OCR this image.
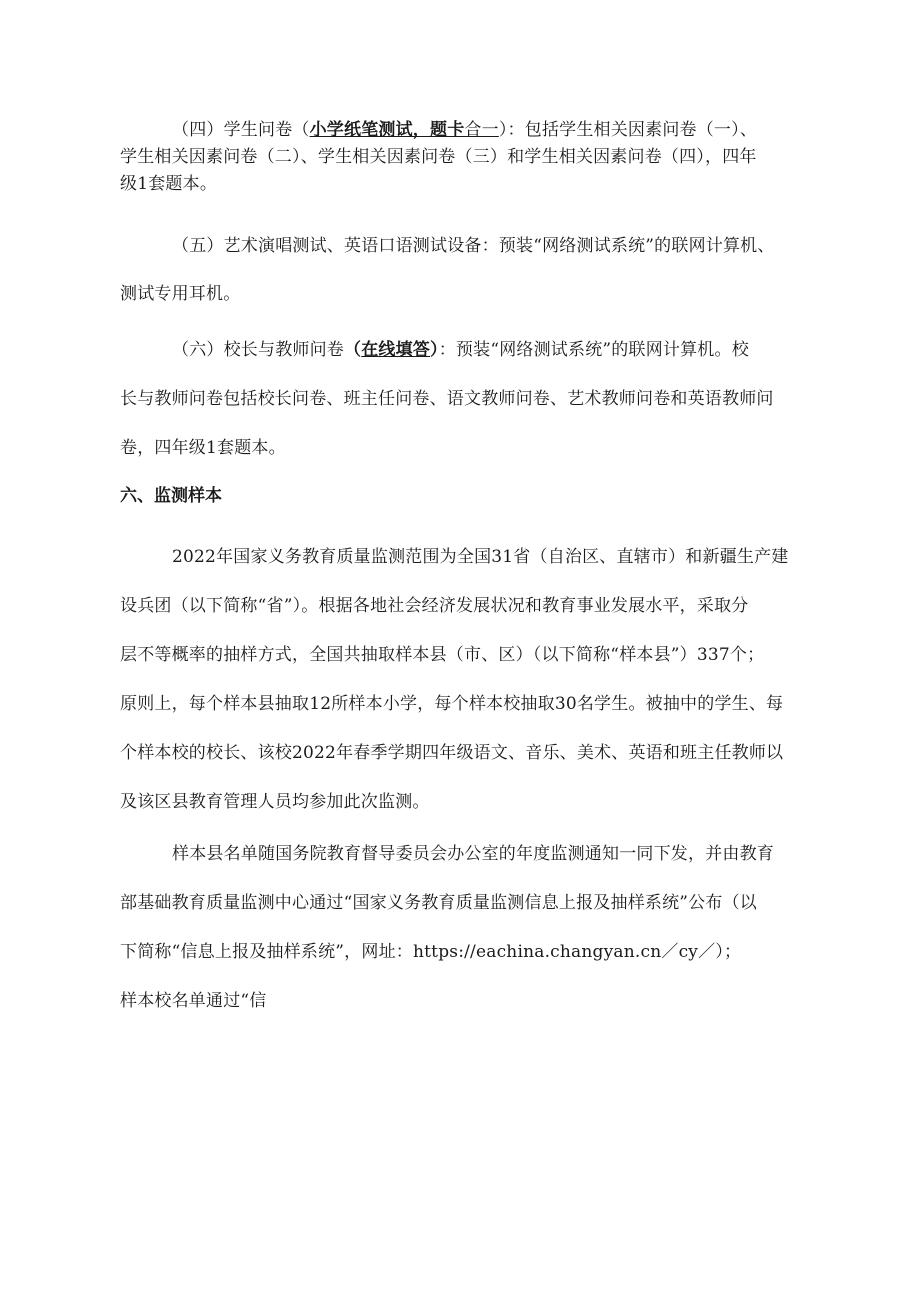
（四）学生问卷（小学纸笔测试，题卡合一）：包括学生相关因素问卷（一）、
学生相关因素问卷（二）、学生相关因素问卷（三）和学生相关因素问卷（四），四年
级1套题本。

（五）艺术演唱测试、英语口语测试设备：预装“网络测试系统”的联网计算机、
测试专用耳机。

（六）校长与教师问卷（在线填答）：预装“网络测试系统”的联网计算机。校
长与教师问卷包括校长问卷、班主任问卷、语文教师问卷、艺术教师问卷和英语教师问
卷，四年级1套题本。

六、监测样本

2022年国家义务教育质量监测范围为全国31省（自治区、直辖市）和新疆生产建
设兵团（以下简称“省”）。根据各地社会经济发展状况和教育事业发展水平，采取分
层不等概率的抽样方式，全国共抽取样本县（市、区）（以下简称“样本县”）337个；
原则上，每个样本县抽取12所样本小学，每个样本校抽取30名学生。被抽中的学生、每
个样本校的校长、该校2022年春季学期四年级语文、音乐、美术、英语和班主任教师以
及该区县教育管理人员均参加此次监测。

样本县名单随国务院教育督导委员会办公室的年度监测通知一同下发，并由教育
部基础教育质量监测中心通过“国家义务教育质量监测信息上报及抽样系统”公布（以
下简称“信息上报及抽样系统”，网址：https://eachina.changyan.cn／cy／）；
样本校名单通过“信
